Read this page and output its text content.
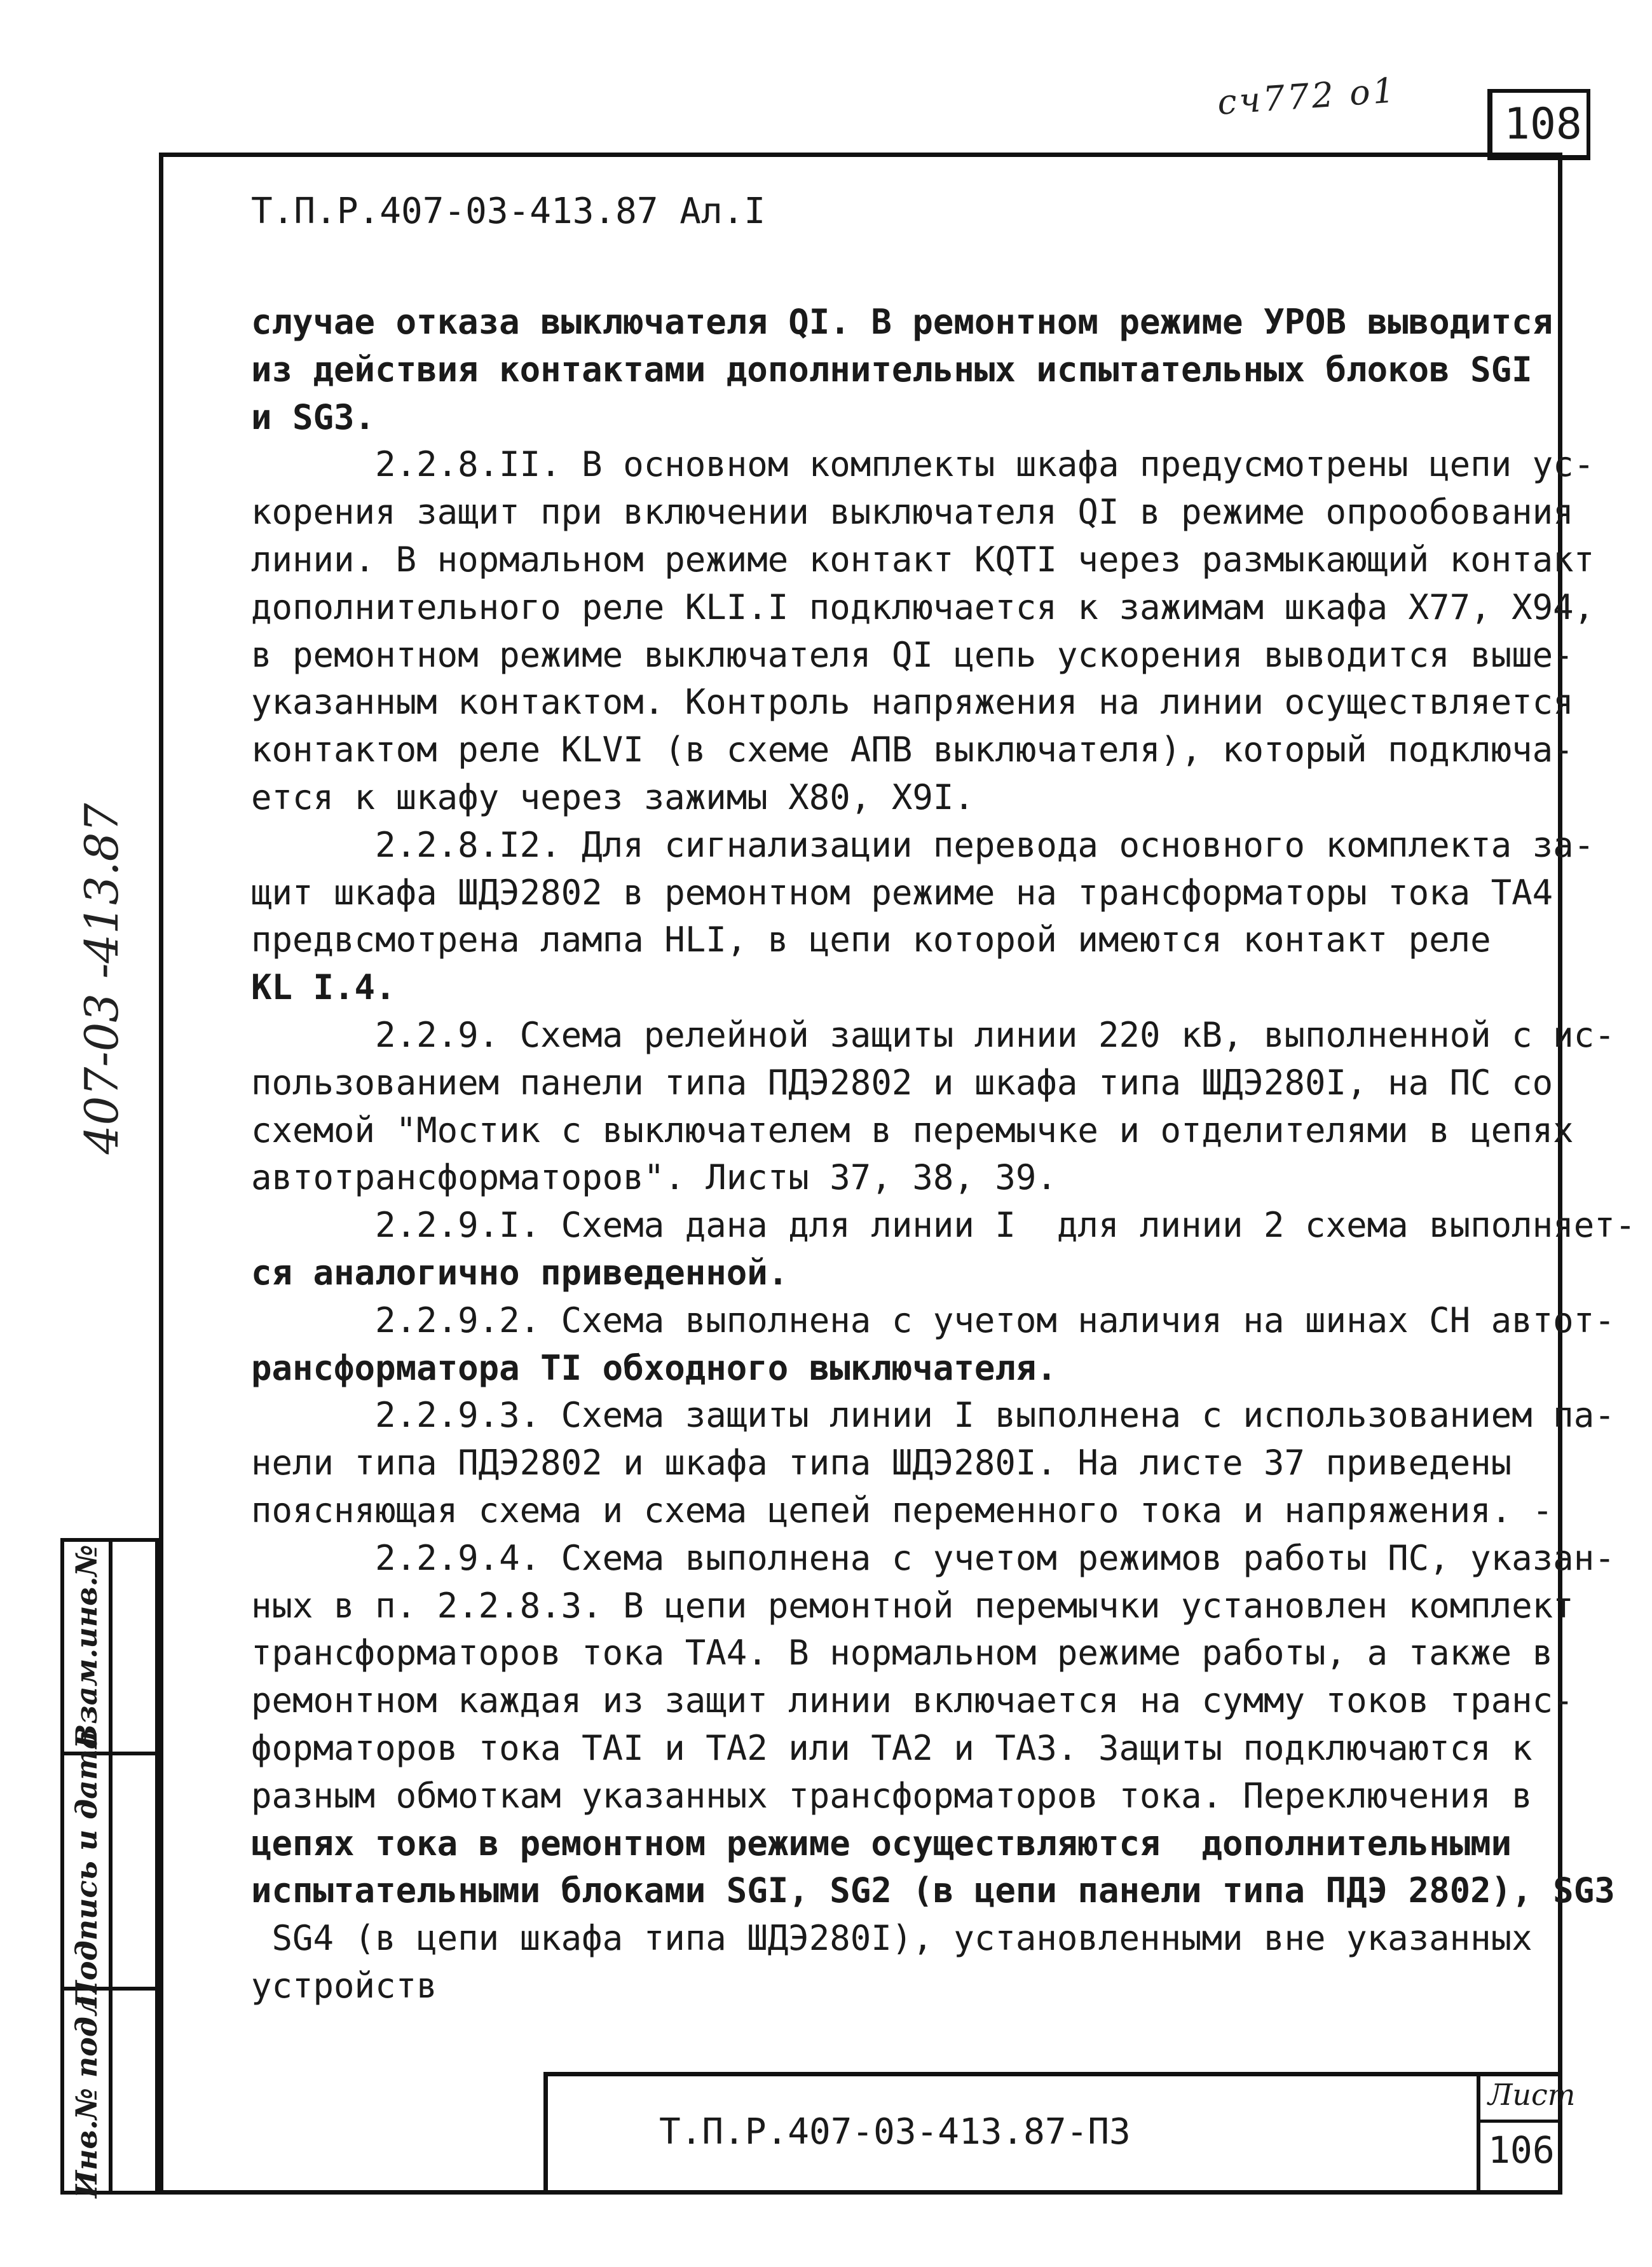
сч772 о1
108
Т.П.Р.407-03-413.87 Ал.I
случае отказа выключателя QI. В ремонтном режиме УРОВ выводится
из действия контактами дополнительных испытательных блоков SGI
и SG3.
2.2.8.II. В основном комплекты шкафа предусмотрены цепи ус-
корения защит при включении выключателя QI в режиме опрообования
линии. В нормальном режиме контакт KQTI через размыкающий контакт
дополнительного реле KLI.I подключается к зажимам шкафа X77, X94,
в ремонтном режиме выключателя QI цепь ускорения выводится выше-
указанным контактом. Контроль напряжения на линии осуществляется
контактом реле KLVI (в схеме АПВ выключателя), который подключа-
ется к шкафу через зажимы X80, X9I.
2.2.8.I2. Для сигнализации перевода основного комплекта за-
щит шкафа ШДЭ2802 в ремонтном режиме на трансформаторы тока ТА4
предвсмотрена лампа HLI, в цепи которой имеются контакт реле
KL I.4.
2.2.9. Схема релейной защиты линии 220 кВ, выполненной с ис-
пользованием панели типа ПДЭ2802 и шкафа типа ШДЭ280I, на ПС со
схемой "Мостик с выключателем в перемычке и отделителями в цепях
автотрансформаторов". Листы 37, 38, 39.
2.2.9.I. Схема дана для линии I  для линии 2 схема выполняет-
ся аналогично приведенной.
2.2.9.2. Схема выполнена с учетом наличия на шинах СН автот-
рансформатора ТI обходного выключателя.
2.2.9.3. Схема защиты линии I выполнена с использованием па-
нели типа ПДЭ2802 и шкафа типа ШДЭ280I. На листе 37 приведены
поясняющая схема и схема цепей переменного тока и напряжения. -
2.2.9.4. Схема выполнена с учетом режимов работы ПС, указан-
ных в п. 2.2.8.3. В цепи ремонтной перемычки установлен комплект
трансформаторов тока ТА4. В нормальном режиме работы, а также в
ремонтном каждая из защит линии включается на сумму токов транс-
форматоров тока ТАI и ТА2 или ТА2 и ТА3. Защиты подключаются к
разным обмоткам указанных трансформаторов тока. Переключения в
цепях тока в ремонтном режиме осуществляются  дополнительными
испытательными блоками SGI, SG2 (в цепи панели типа ПДЭ 2802), SG3
SG4 (в цепи шкафа типа ШДЭ280I), установленными вне указанных
устройств
407-03 -413.87
Взам.инв.№
Подпись и дата
Инв.№ подл.	Т.П.Р.407-03-413.87-ПЗ
Лист
106
